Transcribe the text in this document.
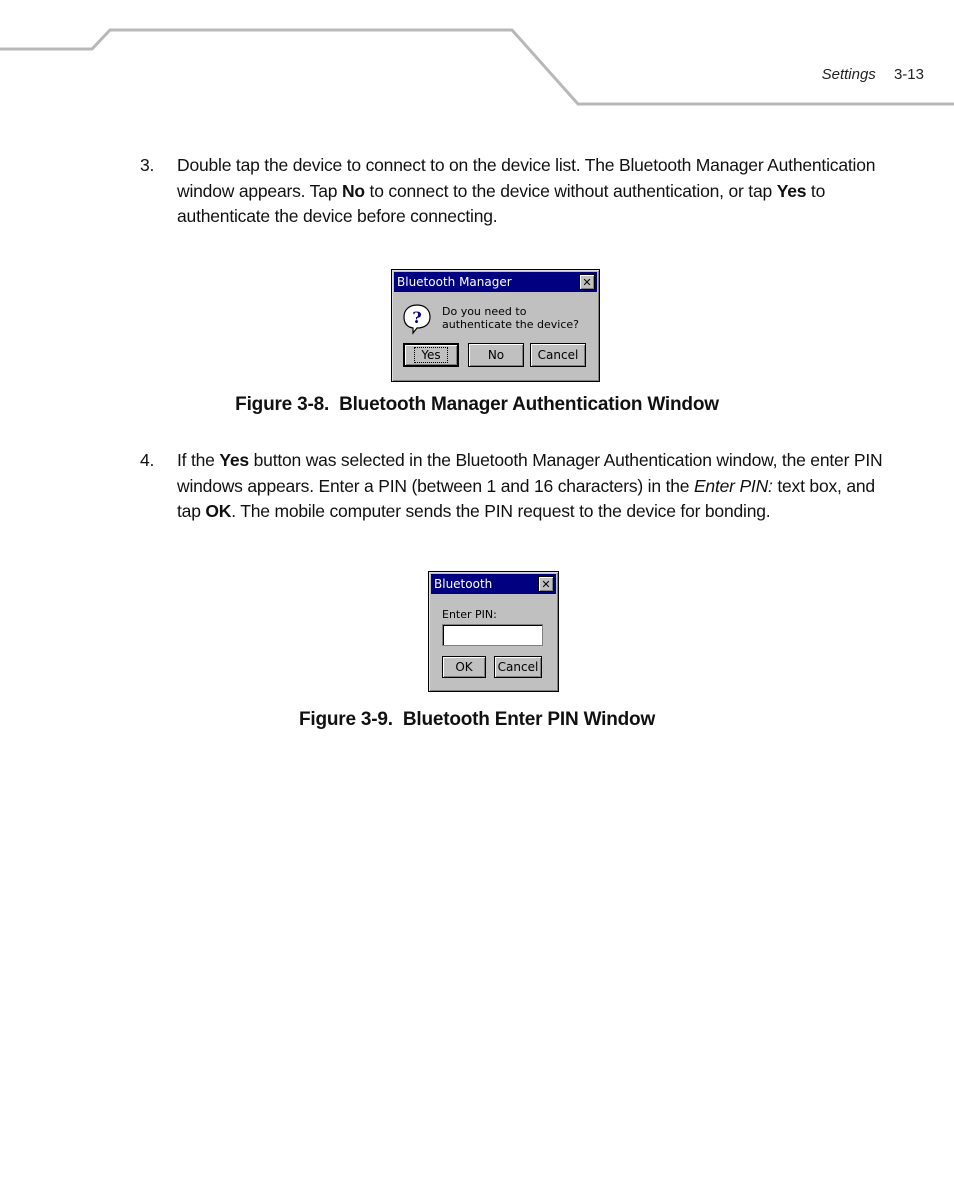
Settings 3-13
3. Double tap the device to connect to on the device list. The Bluetooth Manager Authentication window appears. Tap No to connect to the device without authentication, or tap Yes to authenticate the device before connecting.
Bluetooth Manager	✕
? Do you need to
authenticate the device?
Yes	No	Cancel
Figure 3-8. Bluetooth Manager Authentication Window
4. If the Yes button was selected in the Bluetooth Manager Authentication window, the enter PIN windows appears. Enter a PIN (between 1 and 16 characters) in the Enter PIN: text box, and tap OK. The mobile computer sends the PIN request to the device for bonding.
Bluetooth	✕
Enter PIN:
OK	Cancel
Figure 3-9. Bluetooth Enter PIN Window
